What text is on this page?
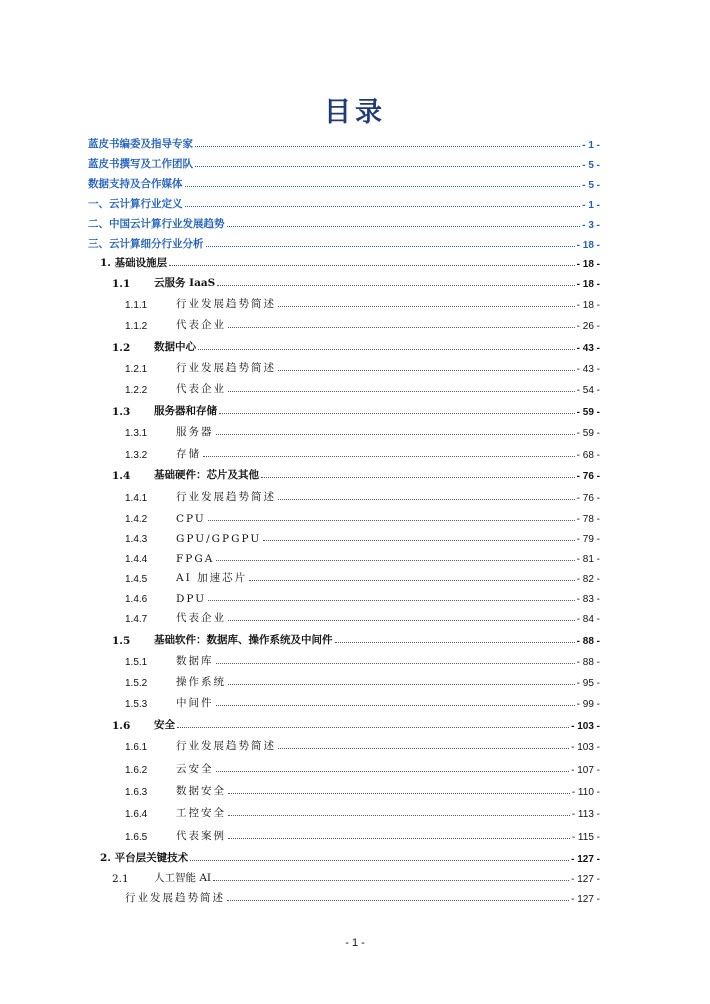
目录
蓝皮书编委及指导专家	- 1 -
蓝皮书撰写及工作团队	- 5 -
数据支持及合作媒体	- 5 -
一、云计算行业定义	- 1 -
二、中国云计算行业发展趋势	- 3 -
三、云计算细分行业分析	- 18 -
1. 基础设施层	- 18 -
1.1	云服务 IaaS	- 18 -
1.1.1	行业发展趋势简述	- 18 -
1.1.2	代表企业	- 26 -
1.2	数据中心	- 43 -
1.2.1	行业发展趋势简述	- 43 -
1.2.2	代表企业	- 54 -
1.3	服务器和存储	- 59 -
1.3.1	服务器	- 59 -
1.3.2	存储	- 68 -
1.4	基础硬件：芯片及其他	- 76 -
1.4.1	行业发展趋势简述	- 76 -
1.4.2	CPU	- 78 -
1.4.3	GPU/GPGPU	- 79 -
1.4.4	FPGA	- 81 -
1.4.5	AI 加速芯片	- 82 -
1.4.6	DPU	- 83 -
1.4.7	代表企业	- 84 -
1.5	基础软件：数据库、操作系统及中间件	- 88 -
1.5.1	数据库	- 88 -
1.5.2	操作系统	- 95 -
1.5.3	中间件	- 99 -
1.6	安全	- 103 -
1.6.1	行业发展趋势简述	- 103 -
1.6.2	云安全	- 107 -
1.6.3	数据安全	- 110 -
1.6.4	工控安全	- 113 -
1.6.5	代表案例	- 115 -
2. 平台层关键技术	- 127 -
2.1	人工智能 AI	- 127 -
行业发展趋势简述	- 127 -
- 1 -
